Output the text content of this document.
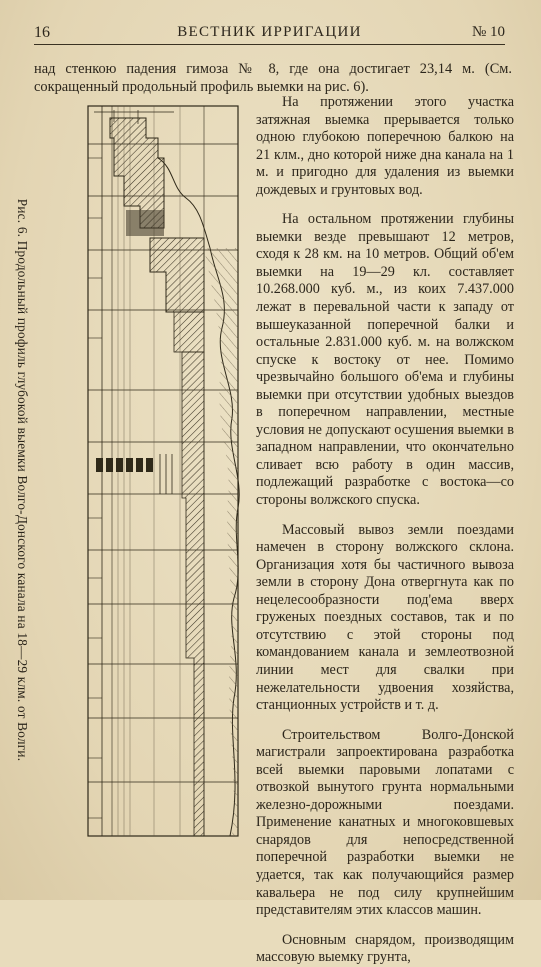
16	ВЕСТНИК ИРРИГАЦИИ	№ 10
над стенкою падения гимоза № 8, где она достигает 23,14 м. (См. сокращенный продольный профиль выемки на рис. 6).
Рис. 6. Продольный профиль глубокой выемки Волго-Донского канала на 18—29 клм. от Волги.

На протяжении этого участка затяжная выемка прерывается только одною глубокою поперечною балкою на 21 клм., дно которой ниже дна канала на 1 м. и пригодно для удаления из выемки дождевых и грунтовых вод.

На остальном протяжении глубины выемки везде превышают 12 метров, сходя к 28 км. на 10 метров. Общий об'ем выемки на 19—29 кл. составляет 10.268.000 куб. м., из коих 7.437.000 лежат в перевальной части к западу от вышеуказанной поперечной балки и остальные 2.831.000 куб. м. на волжском спуске к востоку от нее. Помимо чрезвычайно большого об'ема и глубины выемки при отсутствии удобных выездов в поперечном направлении, местные условия не допускают осушения выемки в западном направлении, что окончательно сливает всю работу в один массив, подлежащий разработке с востока—со стороны волжского спуска.

Массовый вывоз земли поездами намечен в сторону волжского склона. Организация хотя бы частичного вывоза земли в сторону Дона отвергнута как по нецелесообразности под'ема вверх груженых поездных составов, так и по отсутствию с этой стороны под командованием канала и землеотвозной линии мест для свалки при нежелательности удвоения хозяйства, станционных устройств и т. д.

Строительством Волго-Донской магистрали запроектирована разработка всей выемки паровыми лопатами с отвозкой вынутого грунта нормальными железно-дорожными поездами. Применение канатных и многоковшевых снарядов для непосредственной поперечной разработки выемки не удается, так как получающийся размер кавальера не под силу крупнейшим представителям этих классов машин.

Основным снарядом, производящим массовую выемку грунта,
